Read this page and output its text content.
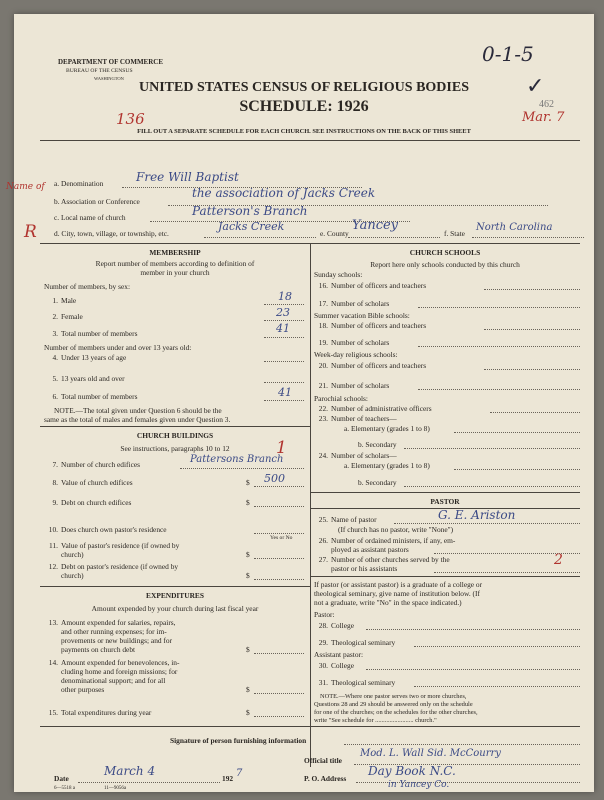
DEPARTMENT OF COMMERCE
BUREAU OF THE CENSUS
WASHINGTON
0-1-5
✓
462
UNITED STATES CENSUS OF RELIGIOUS BODIES
SCHEDULE: 1926
136	Mar. 7
FILL OUT A SEPARATE SCHEDULE FOR EACH CHURCH. SEE INSTRUCTIONS ON THE BACK OF THIS SHEET
Name of
R
a. Denomination	Free Will Baptist
b. Association or Conference
the association of Jacks Creek
c. Local name of church	Patterson's Branch
d. City, town, village, or township, etc.
Jacks Creek
e. County
Yancey
f. State
North Carolina
MEMBERSHIP
Report number of members according to definition of
member in your church
Number of members, by sex:
1. Male	18
2. Female	23
3. Total number of members	41
Number of members under and over 13 years old:
4. Under 13 years of age
5. 13 years old and over
6. Total number of members	41
NOTE.—The total given under Question 6 should be the
same as the total of males and females given under Question 3.
CHURCH BUILDINGS
See instructions, paragraphs 10 to 12
7. Number of church edifices	Pattersons Branch
1
8. Value of church edifices	$ 500
9. Debt on church edifices	$
10. Does church own pastor's residence
Yes or No
11. Value of pastor's residence (if owned by
church)	$
12. Debt on pastor's residence (if owned by
church)	$
EXPENDITURES
Amount expended by your church during last fiscal year
13. Amount expended for salaries, repairs,
and other running expenses; for im-
provements or new buildings; and for
payments on church debt	$
14. Amount expended for benevolences, in-
cluding home and foreign missions; for
denominational support; and for all
other purposes	$
15. Total expenditures during year	$
CHURCH SCHOOLS
Report here only schools conducted by this church
Sunday schools:
16. Number of officers and teachers
17. Number of scholars
Summer vacation Bible schools:
18. Number of officers and teachers
19. Number of scholars
Week-day religious schools:
20. Number of officers and teachers
21. Number of scholars
Parochial schools:
22. Number of administrative officers
23. Number of teachers—
a. Elementary (grades 1 to 8)
b. Secondary
24. Number of scholars—
a. Elementary (grades 1 to 8)
b. Secondary
PASTOR
25. Name of pastor	G. E. Ariston
(If church has no pastor, write "None")
26. Number of ordained ministers, if any, em-
ployed as assistant pastors
27. Number of other churches served by the
pastor or his assistants
2
If pastor (or assistant pastor) is a graduate of a college or
theological seminary, give name of institution below. (If
not a graduate, write "No" in the space indicated.)
Pastor:
28. College
29. Theological seminary
Assistant pastor:
30. College
31. Theological seminary
NOTE.—Where one pastor serves two or more churches,
Questions 28 and 29 should be answered only on the schedule
for one of the churches; on the schedules for the other churches,
write "See schedule for ........................ church."
Signature of person furnishing information
Official title
Mod. L. Wall Sid. McCourry
Date
March 4
192 7	P. O. Address
Day Book N.C.
in Yancey Co.
6—5518 a	11—9056a
